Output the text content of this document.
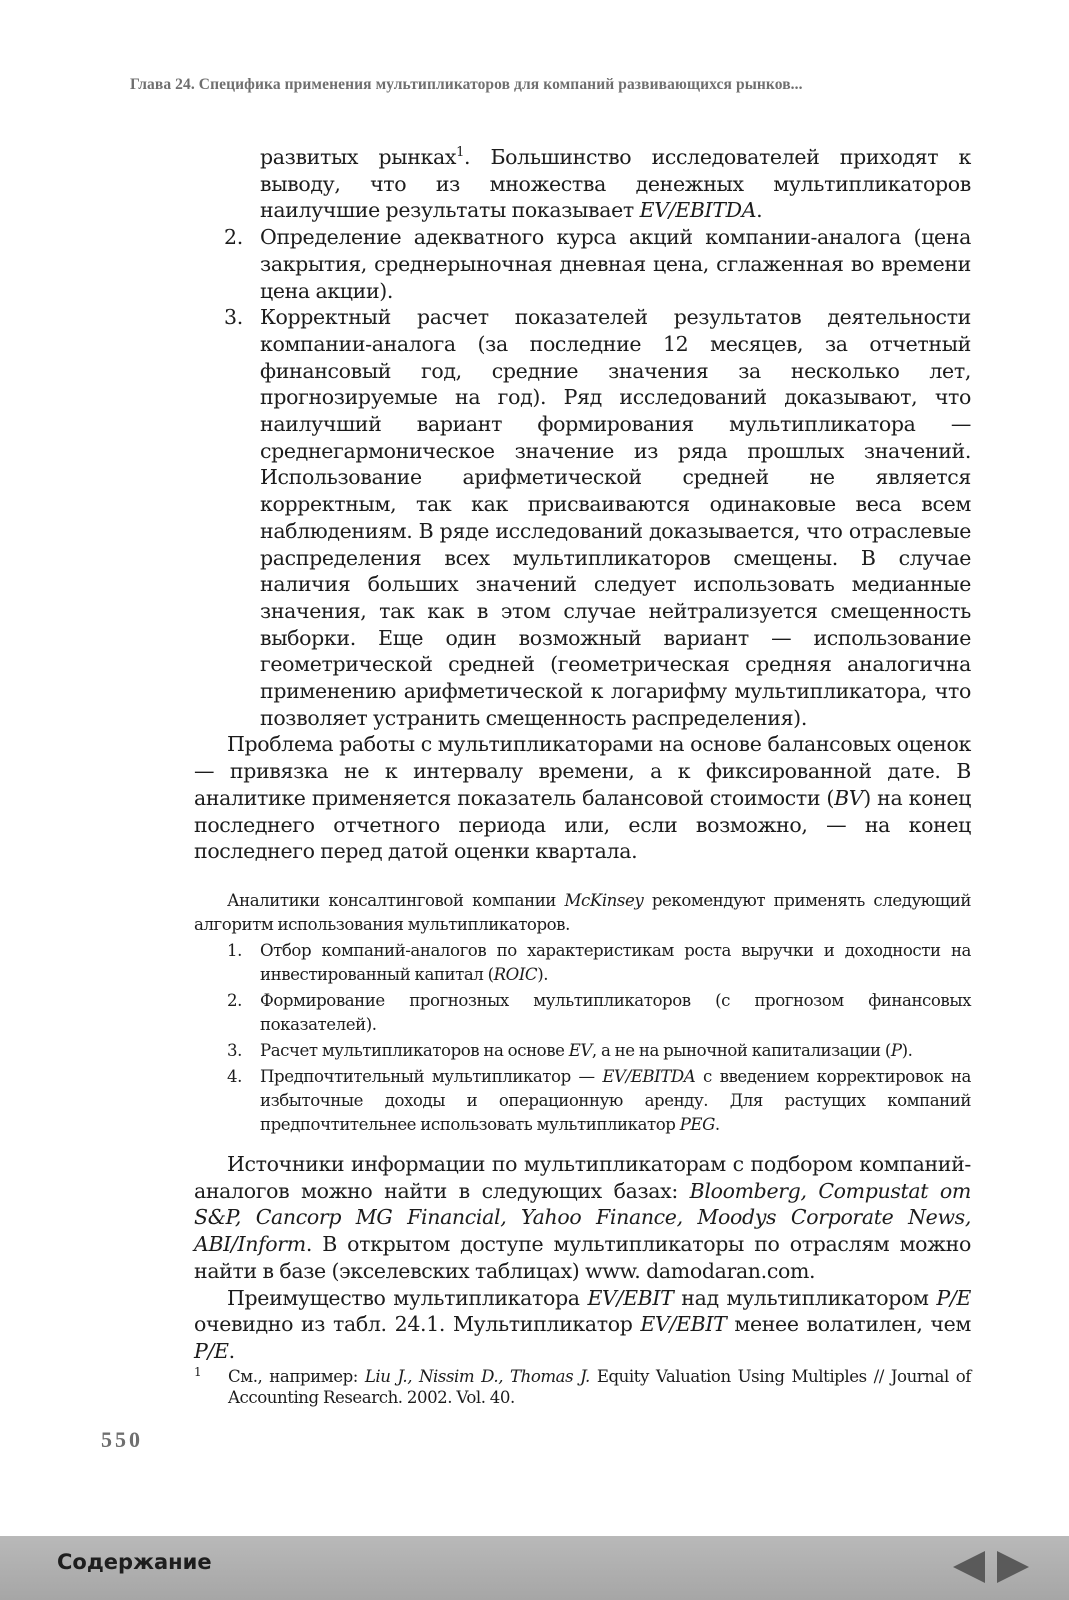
Глава 24. Специфика применения мультипликаторов для компаний развивающихся рынков...

развитых рынках$^1$. Большинство исследователей приходят к выводу, что из множества денежных мультипликаторов наилучшие результаты показывает EV/EBITDA.

2. Определение адекватного курса акций компании-аналога (цена закрытия, среднерыночная дневная цена, сглаженная во времени цена акции).
3. Корректный расчет показателей результатов деятельности компании-аналога (за последние 12 месяцев, за отчетный финансовый год, средние значения за несколько лет, прогнозируемые на год). Ряд исследований доказывают, что наилучший вариант формирования мультипликатора — среднегармоническое значение из ряда прошлых значений. Использование арифметической средней не является корректным, так как присваиваются одинаковые веса всем наблюдениям. В ряде исследований доказывается, что отраслевые распределения всех мультипликаторов смещены. В случае наличия больших значений следует использовать медианные значения, так как в этом случае нейтрализуется смещенность выборки. Еще один возможный вариант — использование геометрической средней (геометрическая средняя аналогична применению арифметической к логарифму мультипликатора, что позволяет устранить смещенность распределения).

Проблема работы с мультипликаторами на основе балансовых оценок — привязка не к интервалу времени, а к фиксированной дате. В аналитике применяется показатель балансовой стоимости (BV) на конец последнего отчетного периода или, если возможно, — на конец последнего перед датой оценки квартала.

Аналитики консалтинговой компании McKinsey рекомендуют применять следующий алгоритм использования мультипликаторов.

1. Отбор компаний-аналогов по характеристикам роста выручки и доходности на инвестированный капитал (ROIC).
2. Формирование прогнозных мультипликаторов (с прогнозом финансовых показателей).
3. Расчет мультипликаторов на основе EV, а не на рыночной капитализации (P).
4. Предпочтительный мультипликатор — EV/EBITDA с введением корректировок на избыточные доходы и операционную аренду. Для растущих компаний предпочтительнее использовать мультипликатор PEG.

Источники информации по мультипликаторам с подбором компаний-аналогов можно найти в следующих базах: Bloomberg, Compustat от S&P, Cancorp MG Financial, Yahoo Finance, Moodys Corporate News, ABI/Inform. В открытом доступе мультипликаторы по отраслям можно найти в базе (экселевских таблицах) www. damodaran.com.

Преимущество мультипликатора EV/EBIT над мультипликатором P/E очевидно из табл. 24.1. Мультипликатор EV/EBIT менее волатилен, чем P/E.

1 См., например: Liu J., Nissim D., Thomas J. Equity Valuation Using Multiples // Journal of Accounting Research. 2002. Vol. 40.
550
Содержание
